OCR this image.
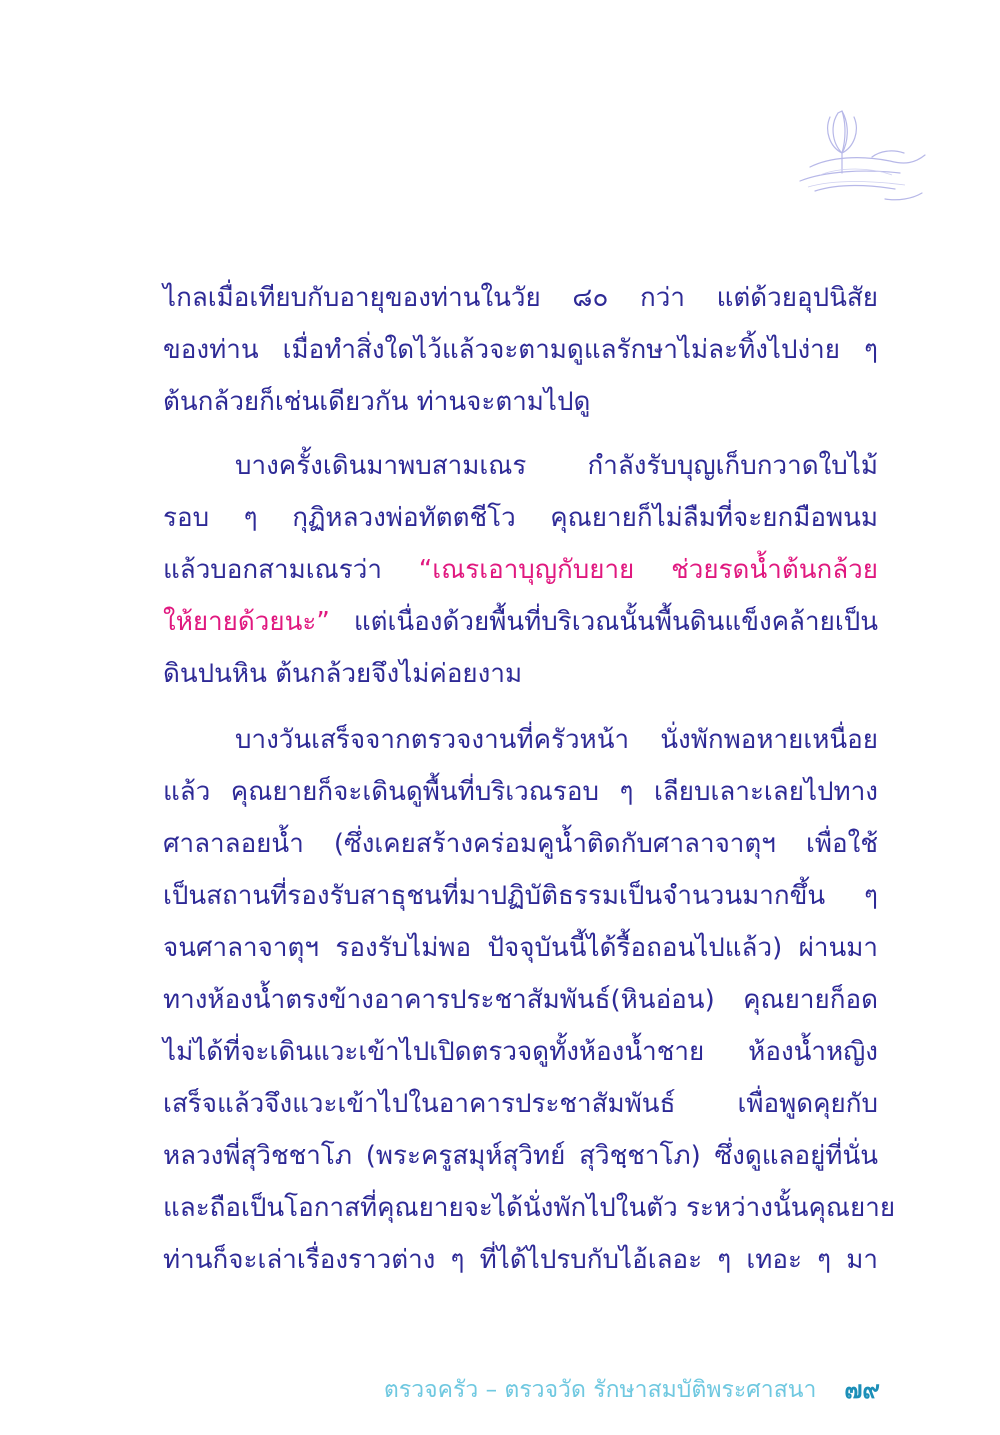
ไกลเมื่อเทียบกับอายุของท่านในวัย ๘๐ กว่า แต่ด้วยอุปนิสัย
ของท่าน เมื่อทำสิ่งใดไว้แล้วจะตามดูแลรักษาไม่ละทิ้งไปง่าย ๆ
ต้นกล้วยก็เช่นเดียวกัน ท่านจะตามไปดู
บางครั้งเดินมาพบสามเณร กำลังรับบุญเก็บกวาดใบไม้
รอบ ๆ กุฏิหลวงพ่อทัตตชีโว คุณยายก็ไม่ลืมที่จะยกมือพนม
แล้วบอกสามเณรว่า “เณรเอาบุญกับยาย ช่วยรดน้ำต้นกล้วย
ให้ยายด้วยนะ” แต่เนื่องด้วยพื้นที่บริเวณนั้นพื้นดินแข็งคล้ายเป็น
ดินปนหิน ต้นกล้วยจึงไม่ค่อยงาม
บางวันเสร็จจากตรวจงานที่ครัวหน้า นั่งพักพอหายเหนื่อย
แล้ว คุณยายก็จะเดินดูพื้นที่บริเวณรอบ ๆ เลียบเลาะเลยไปทาง
ศาลาลอยน้ำ (ซึ่งเคยสร้างคร่อมคูน้ำติดกับศาลาจาตุฯ เพื่อใช้
เป็นสถานที่รองรับสาธุชนที่มาปฏิบัติธรรมเป็นจำนวนมากขึ้น ๆ
จนศาลาจาตุฯ รองรับไม่พอ ปัจจุบันนี้ได้รื้อถอนไปแล้ว) ผ่านมา
ทางห้องน้ำตรงข้างอาคารประชาสัมพันธ์(หินอ่อน) คุณยายก็อด
ไม่ได้ที่จะเดินแวะเข้าไปเปิดตรวจดูทั้งห้องน้ำชาย ห้องน้ำหญิง
เสร็จแล้วจึงแวะเข้าไปในอาคารประชาสัมพันธ์ เพื่อพูดคุยกับ
หลวงพี่สุวิชชาโภ (พระครูสมุห์สุวิทย์ สุวิชฺชาโภ) ซึ่งดูแลอยู่ที่นั่น
และถือเป็นโอกาสที่คุณยายจะได้นั่งพักไปในตัว ระหว่างนั้นคุณยาย
ท่านก็จะเล่าเรื่องราวต่าง ๆ ที่ได้ไปรบกับไอ้เลอะ ๆ เทอะ ๆ มา
ตรวจครัว – ตรวจวัด รักษาสมบัติพระศาสนา ๗๙
